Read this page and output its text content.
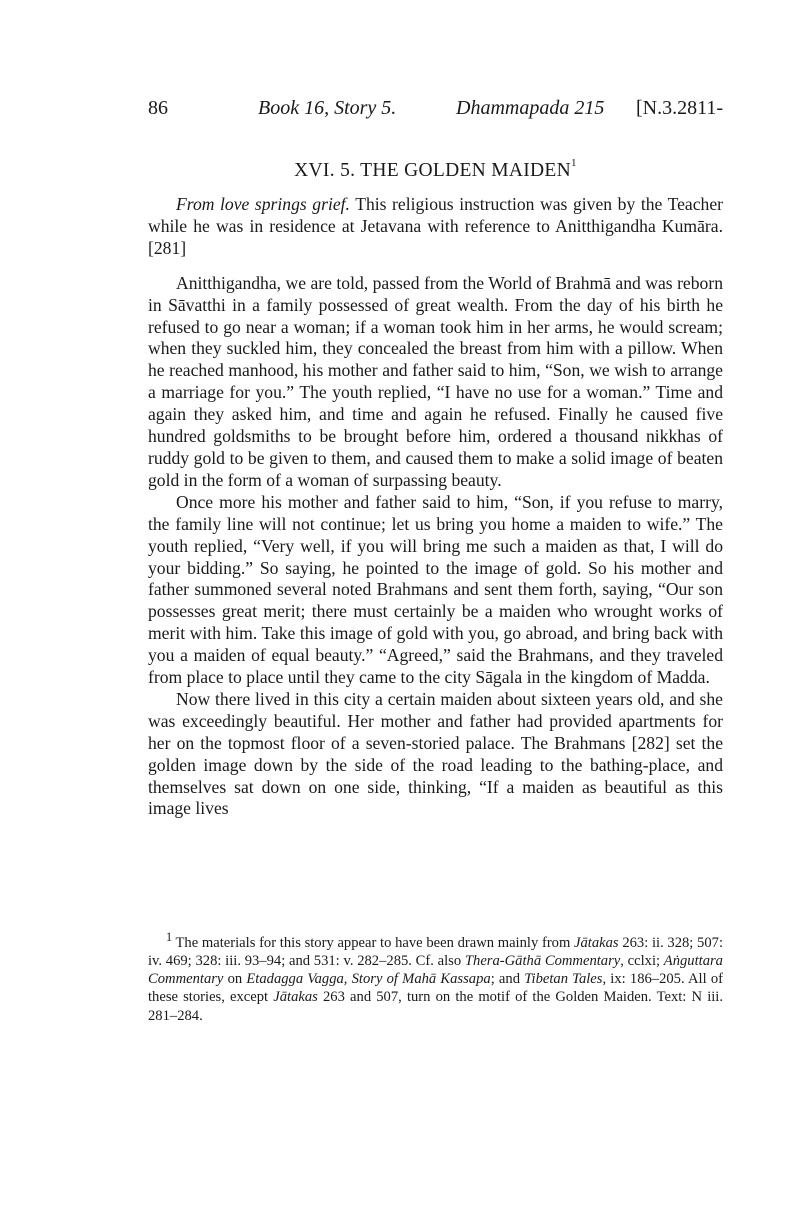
86	Book 16, Story 5.	Dhammapada 215 [N.3.2811-
XVI. 5. THE GOLDEN MAIDEN$^1$

From love springs grief. This religious instruction was given by the Teacher while he was in residence at Jetavana with reference to Anitthigandha Kumāra. [281]

Anitthigandha, we are told, passed from the World of Brahmā and was reborn in Sāvatthi in a family possessed of great wealth. From the day of his birth he refused to go near a woman; if a woman took him in her arms, he would scream; when they suckled him, they concealed the breast from him with a pillow. When he reached manhood, his mother and father said to him, “Son, we wish to arrange a marriage for you.” The youth replied, “I have no use for a woman.” Time and again they asked him, and time and again he refused. Finally he caused five hundred goldsmiths to be brought before him, ordered a thousand nikkhas of ruddy gold to be given to them, and caused them to make a solid image of beaten gold in the form of a woman of surpassing beauty.

Once more his mother and father said to him, “Son, if you refuse to marry, the family line will not continue; let us bring you home a maiden to wife.” The youth replied, “Very well, if you will bring me such a maiden as that, I will do your bidding.” So saying, he pointed to the image of gold. So his mother and father summoned several noted Brahmans and sent them forth, saying, “Our son possesses great merit; there must certainly be a maiden who wrought works of merit with him. Take this image of gold with you, go abroad, and bring back with you a maiden of equal beauty.” “Agreed,” said the Brahmans, and they traveled from place to place until they came to the city Sāgala in the kingdom of Madda.

Now there lived in this city a certain maiden about sixteen years old, and she was exceedingly beautiful. Her mother and father had provided apartments for her on the topmost floor of a seven-storied palace. The Brahmans [282] set the golden image down by the side of the road leading to the bathing-place, and themselves sat down on one side, thinking, “If a maiden as beautiful as this image lives

$^1$ The materials for this story appear to have been drawn mainly from Jātakas 263: ii. 328; 507: iv. 469; 328: iii. 93–94; and 531: v. 282–285. Cf. also Thera-Gāthā Commentary, cclxi; Aṅguttara Commentary on Etadagga Vagga, Story of Mahā Kassapa; and Tibetan Tales, ix: 186–205. All of these stories, except Jātakas 263 and 507, turn on the motif of the Golden Maiden. Text: N iii. 281–284.
